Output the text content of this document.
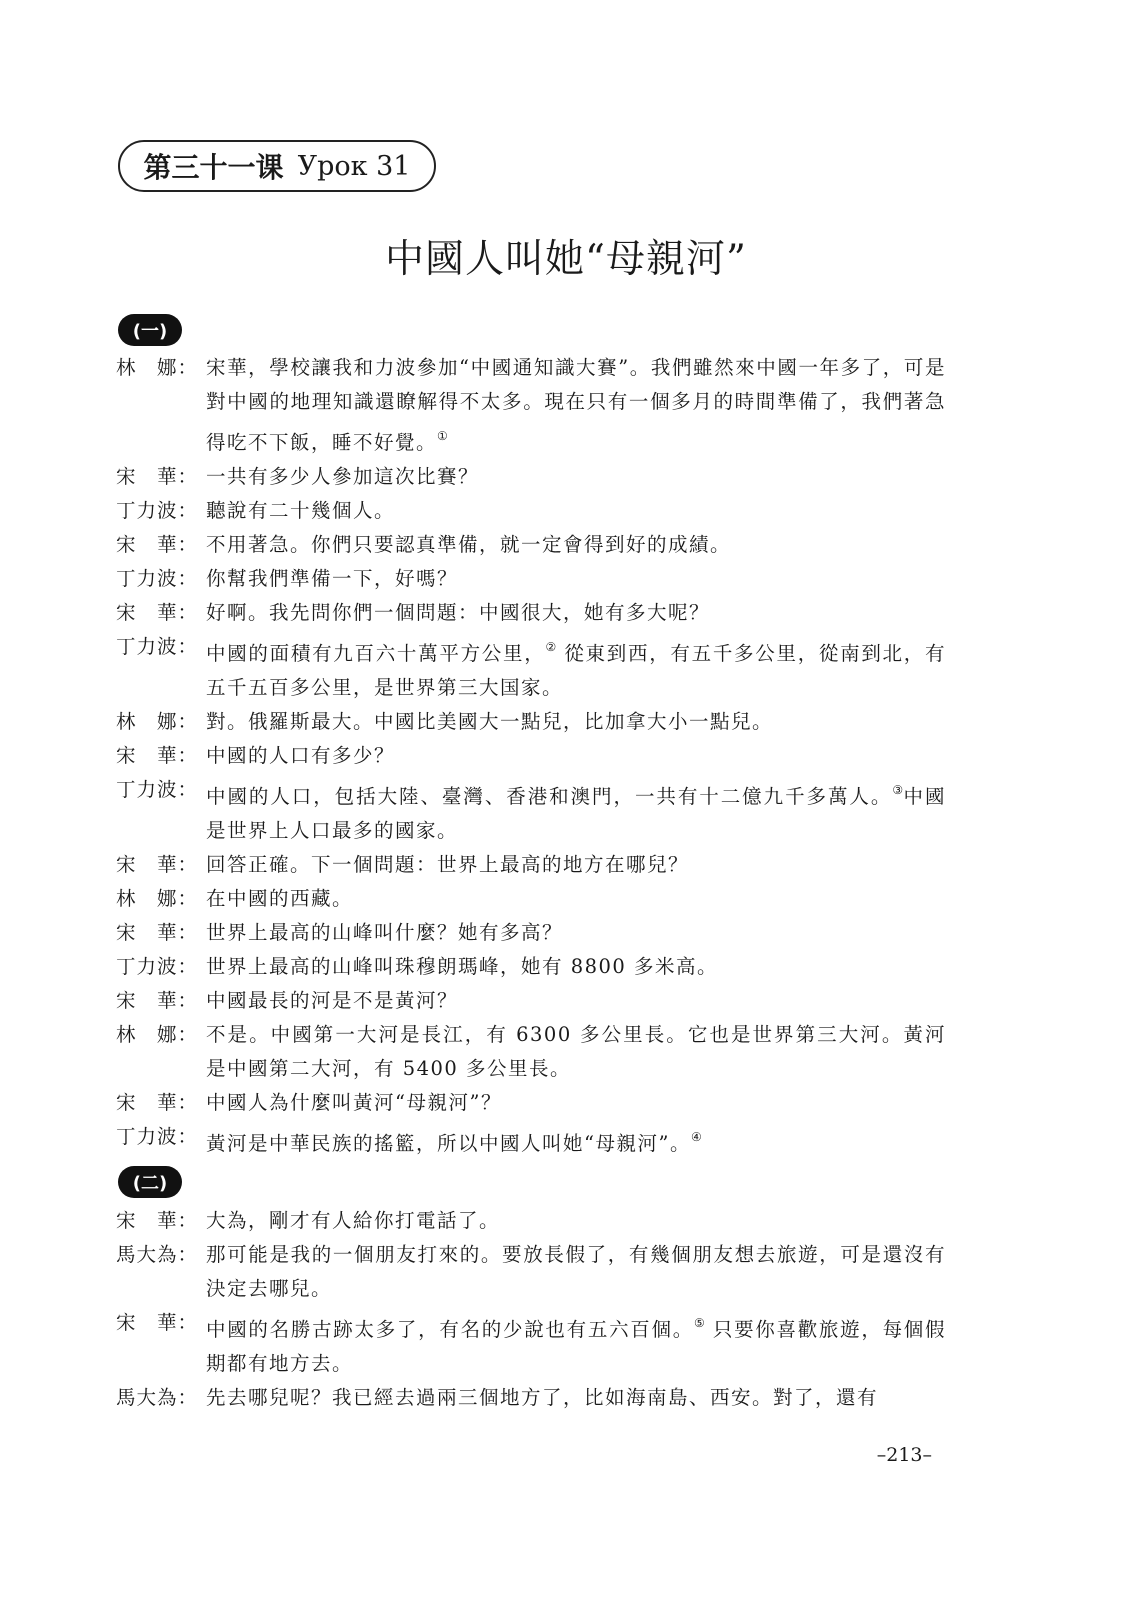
第三十一课 Урок 31
中國人叫她“母親河”
(一)
林　娜： 宋華，學校讓我和力波參加“中國通知識大賽”。我們雖然來中國一年多了，可是對中國的地理知識還瞭解得不太多。現在只有一個多月的時間準備了，我們著急得吃不下飯，睡不好覺。①
宋　華： 一共有多少人參加這次比賽？
丁力波： 聽說有二十幾個人。
宋　華： 不用著急。你們只要認真準備，就一定會得到好的成績。
丁力波： 你幫我們準備一下，好嗎？
宋　華： 好啊。我先問你們一個問題：中國很大，她有多大呢？
丁力波： 中國的面積有九百六十萬平方公里，② 從東到西，有五千多公里，從南到北，有五千五百多公里，是世界第三大国家。
林　娜： 對。俄羅斯最大。中國比美國大一點兒，比加拿大小一點兒。
宋　華： 中國的人口有多少？
丁力波： 中國的人口，包括大陸、臺灣、香港和澳門，一共有十二億九千多萬人。③中國是世界上人口最多的國家。
宋　華： 回答正確。下一個問題：世界上最高的地方在哪兒？
林　娜： 在中國的西藏。
宋　華： 世界上最高的山峰叫什麼？她有多高？
丁力波： 世界上最高的山峰叫珠穆朗瑪峰，她有 8800 多米高。
宋　華： 中國最長的河是不是黃河？
林　娜： 不是。中國第一大河是長江，有 6300 多公里長。它也是世界第三大河。黃河是中國第二大河，有 5400 多公里長。
宋　華： 中國人為什麼叫黃河“母親河”？
丁力波： 黃河是中華民族的搖籃，所以中國人叫她“母親河”。④
(二)
宋　華： 大為，剛才有人給你打電話了。
馬大為： 那可能是我的一個朋友打來的。要放長假了，有幾個朋友想去旅遊，可是還沒有決定去哪兒。
宋　華： 中國的名勝古跡太多了，有名的少說也有五六百個。⑤ 只要你喜歡旅遊，每個假期都有地方去。
馬大為： 先去哪兒呢？我已經去過兩三個地方了，比如海南島、西安。對了，還有
–213–
